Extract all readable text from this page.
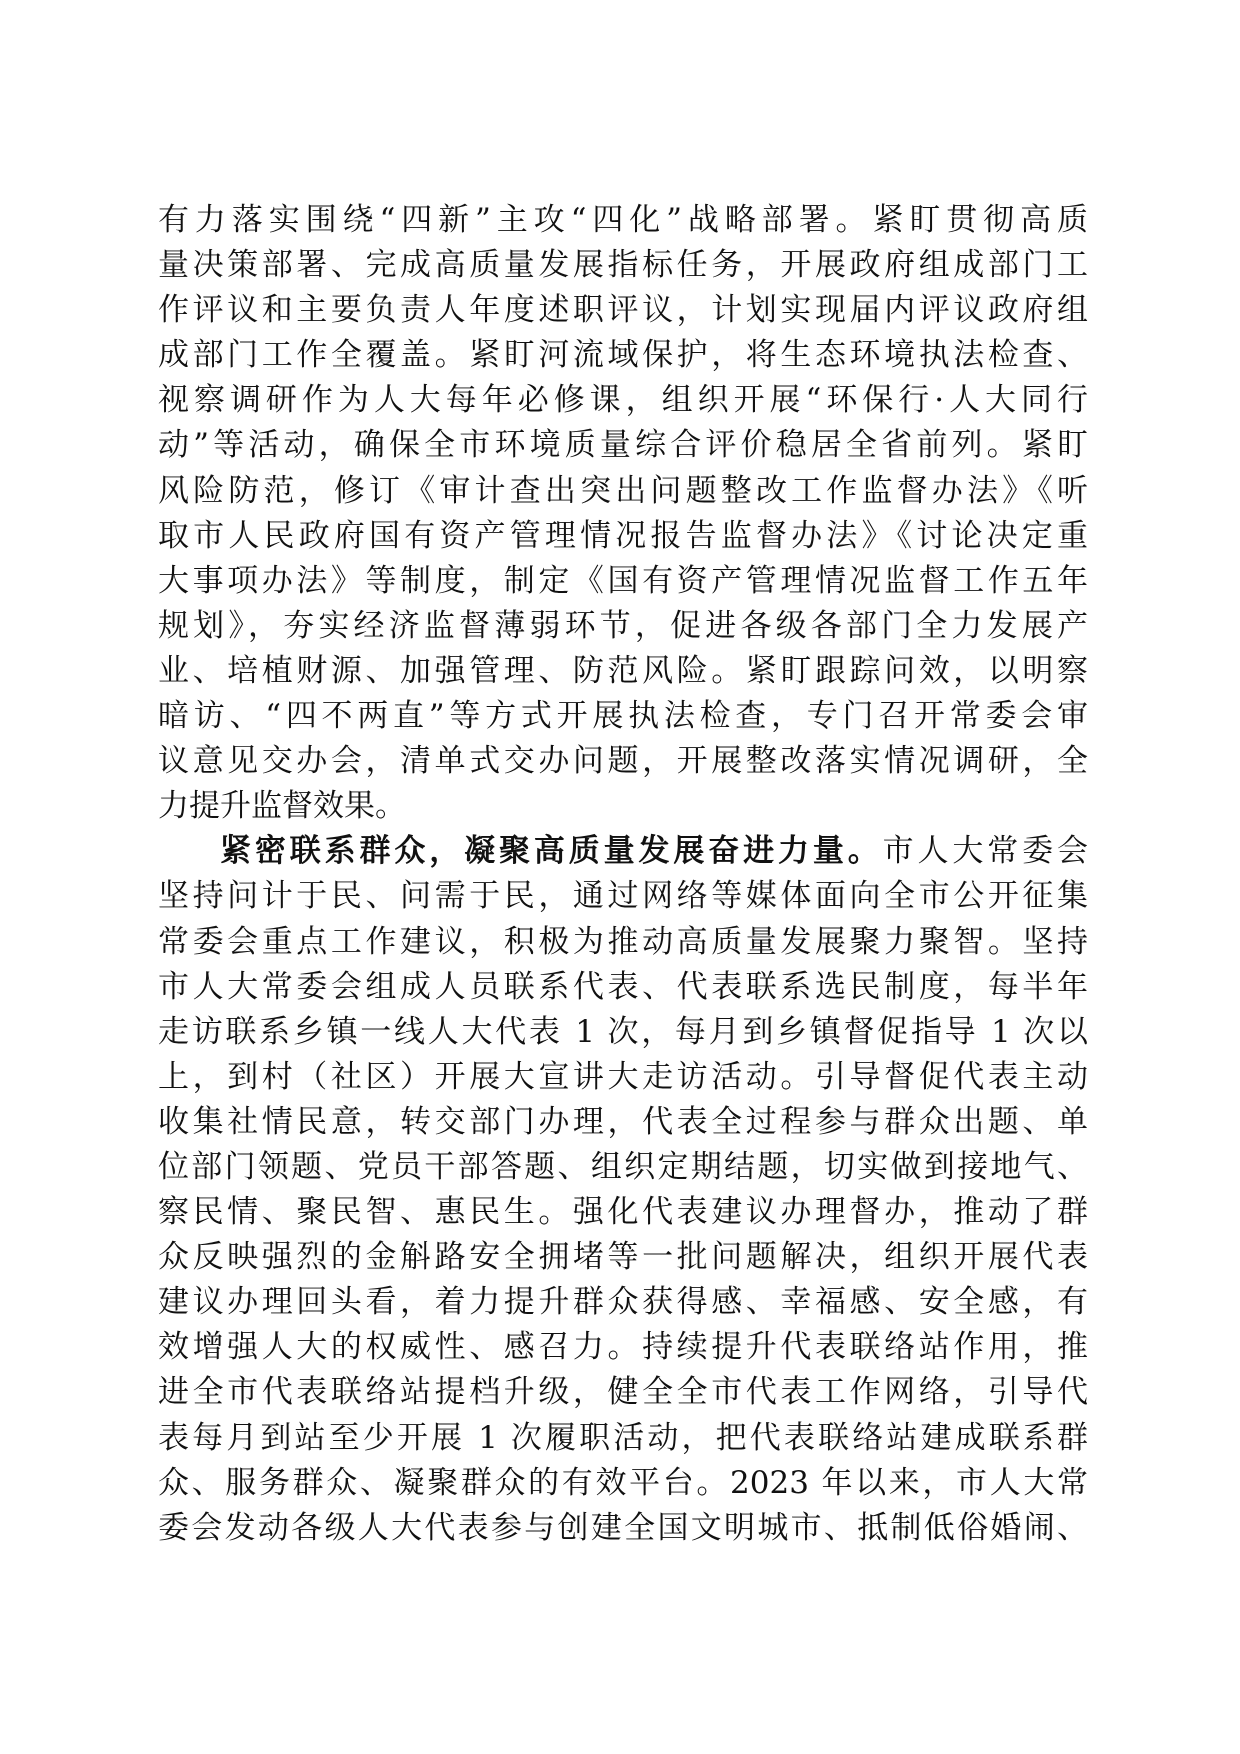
有力落实围绕“四新”主攻“四化”战略部署。紧盯贯彻高质
量决策部署、完成高质量发展指标任务，开展政府组成部门工
作评议和主要负责人年度述职评议，计划实现届内评议政府组
成部门工作全覆盖。紧盯河流域保护，将生态环境执法检查、
视察调研作为人大每年必修课，组织开展“环保行·人大同行
动”等活动，确保全市环境质量综合评价稳居全省前列。紧盯
风险防范，修订《审计查出突出问题整改工作监督办法》《听
取市人民政府国有资产管理情况报告监督办法》《讨论决定重
大事项办法》等制度，制定《国有资产管理情况监督工作五年
规划》，夯实经济监督薄弱环节，促进各级各部门全力发展产
业、培植财源、加强管理、防范风险。紧盯跟踪问效，以明察
暗访、“四不两直”等方式开展执法检查，专门召开常委会审
议意见交办会，清单式交办问题，开展整改落实情况调研，全
力提升监督效果。
紧密联系群众，凝聚高质量发展奋进力量。市人大常委会
坚持问计于民、问需于民，通过网络等媒体面向全市公开征集
常委会重点工作建议，积极为推动高质量发展聚力聚智。坚持
市人大常委会组成人员联系代表、代表联系选民制度，每半年
走访联系乡镇一线人大代表 1 次，每月到乡镇督促指导 1 次以
上，到村（社区）开展大宣讲大走访活动。引导督促代表主动
收集社情民意，转交部门办理，代表全过程参与群众出题、单
位部门领题、党员干部答题、组织定期结题，切实做到接地气、
察民情、聚民智、惠民生。强化代表建议办理督办，推动了群
众反映强烈的金斛路安全拥堵等一批问题解决，组织开展代表
建议办理回头看，着力提升群众获得感、幸福感、安全感，有
效增强人大的权威性、感召力。持续提升代表联络站作用，推
进全市代表联络站提档升级，健全全市代表工作网络，引导代
表每月到站至少开展 1 次履职活动，把代表联络站建成联系群
众、服务群众、凝聚群众的有效平台。2023 年以来，市人大常
委会发动各级人大代表参与创建全国文明城市、抵制低俗婚闹、
